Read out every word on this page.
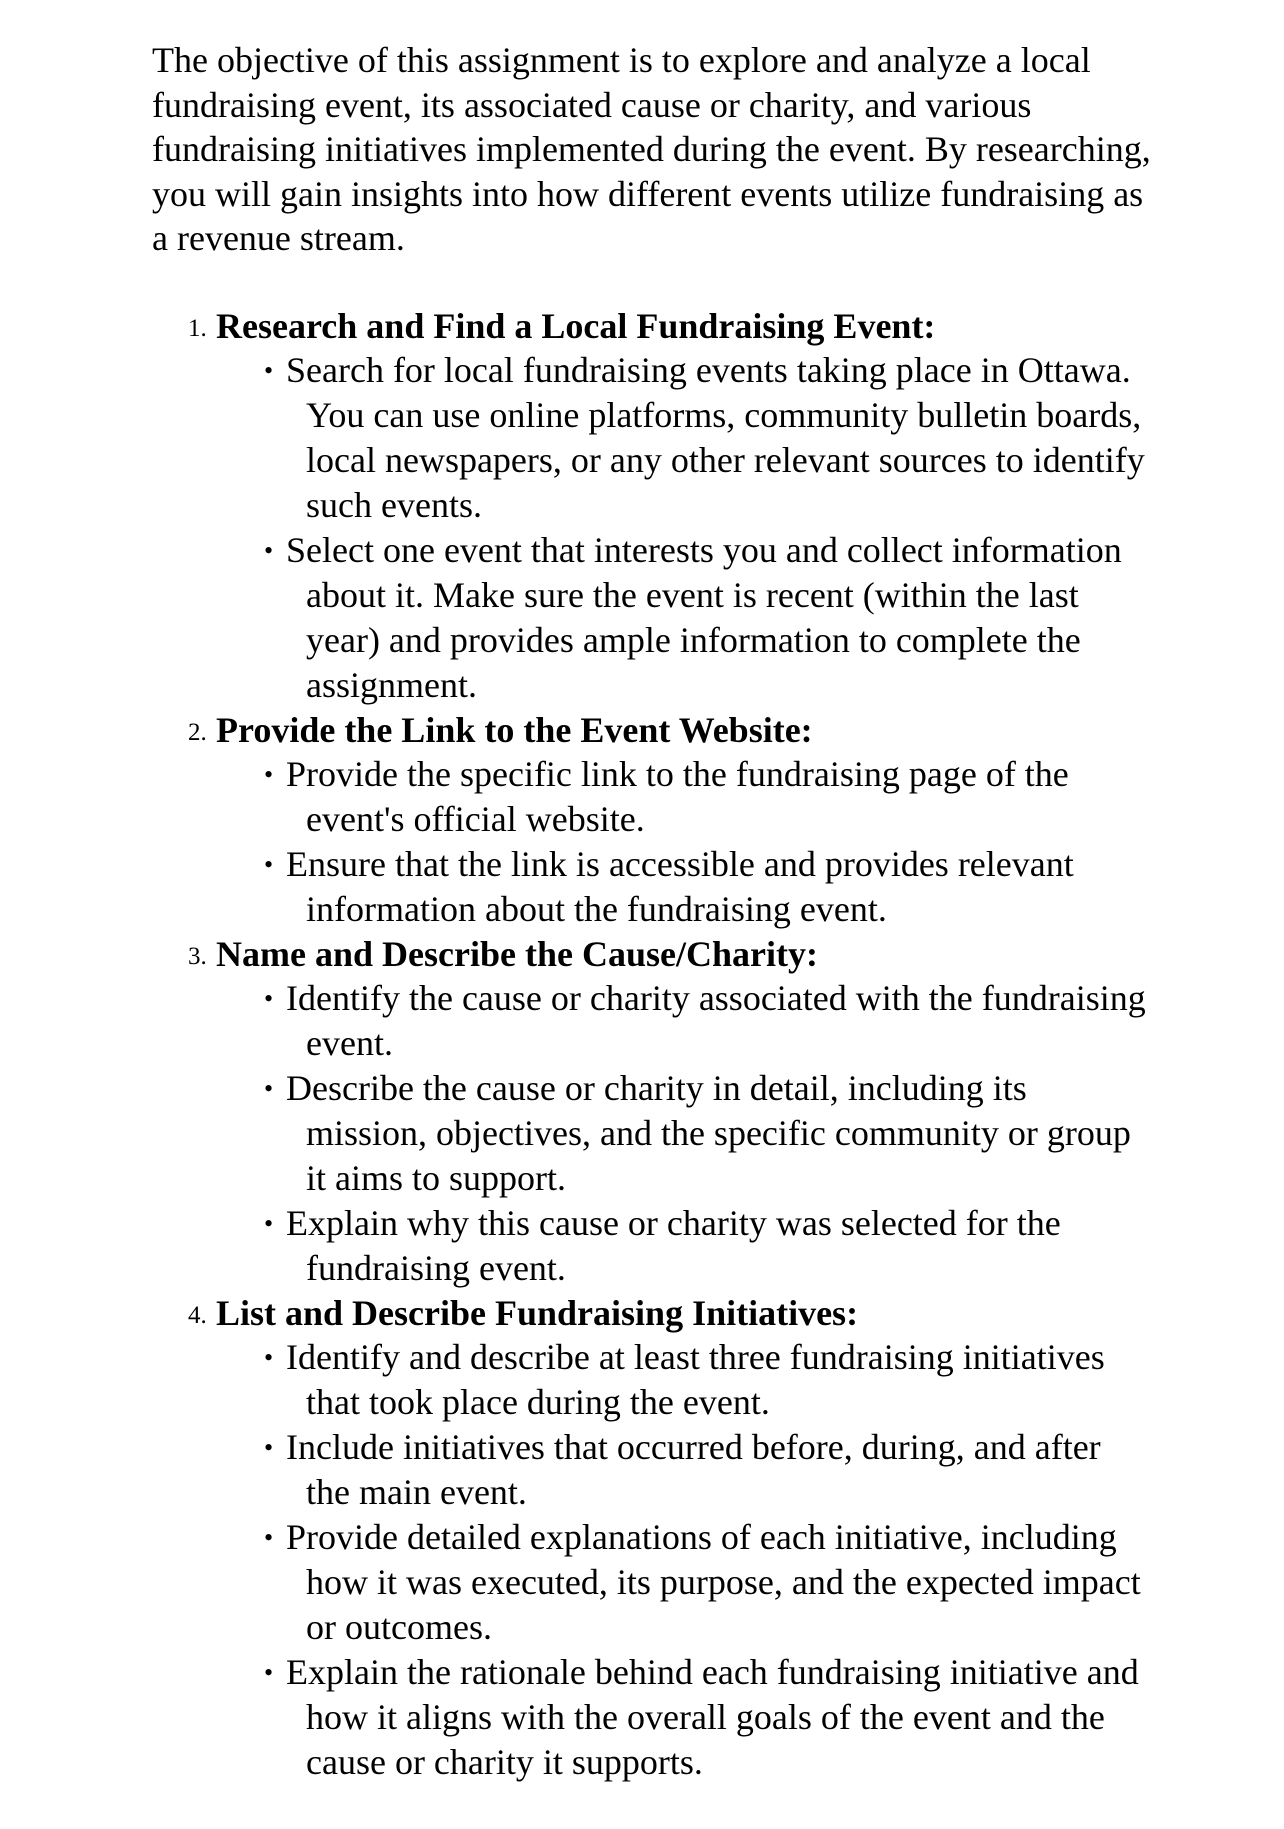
The objective of this assignment is to explore and analyze a local fundraising event, its associated cause or charity, and various fundraising initiatives implemented during the event. By researching, you will gain insights into how different events utilize fundraising as a revenue stream.

1. Research and Find a Local Fundraising Event:
• Search for local fundraising events taking place in Ottawa. You can use online platforms, community bulletin boards, local newspapers, or any other relevant sources to identify such events.
• Select one event that interests you and collect information about it. Make sure the event is recent (within the last year) and provides ample information to complete the assignment.
2. Provide the Link to the Event Website:
• Provide the specific link to the fundraising page of the event's official website.
• Ensure that the link is accessible and provides relevant information about the fundraising event.
3. Name and Describe the Cause/Charity:
• Identify the cause or charity associated with the fundraising event.
• Describe the cause or charity in detail, including its mission, objectives, and the specific community or group it aims to support.
• Explain why this cause or charity was selected for the fundraising event.
4. List and Describe Fundraising Initiatives:
• Identify and describe at least three fundraising initiatives that took place during the event.
• Include initiatives that occurred before, during, and after the main event.
• Provide detailed explanations of each initiative, including how it was executed, its purpose, and the expected impact or outcomes.
• Explain the rationale behind each fundraising initiative and how it aligns with the overall goals of the event and the cause or charity it supports.
